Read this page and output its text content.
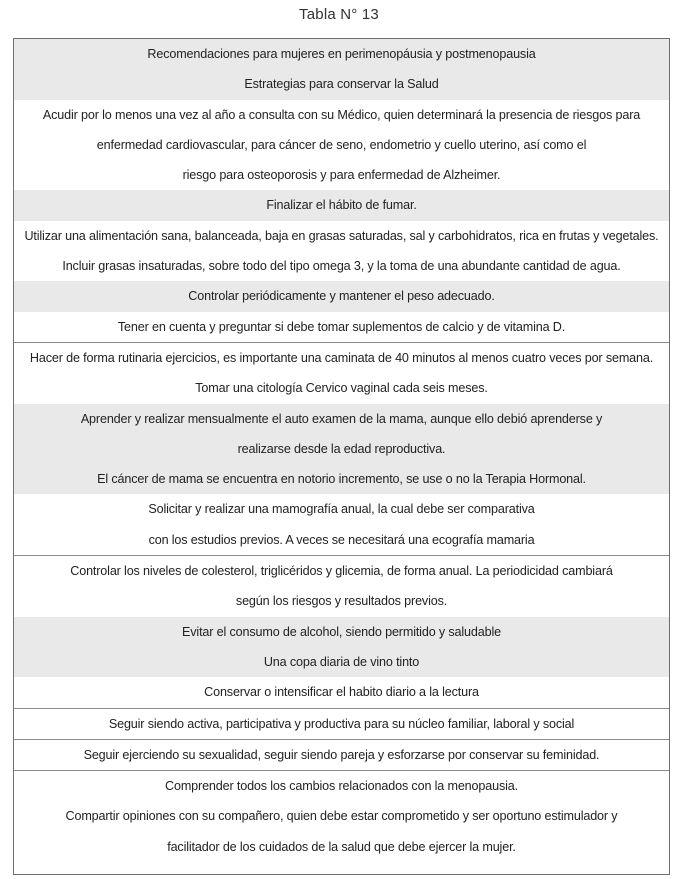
Tabla N° 13
Recomendaciones para mujeres en perimenopáusia y postmenopausia
Estrategias para conservar la Salud
Acudir por lo menos una vez al año a consulta con su Médico, quien determinará la presencia de riesgos para
enfermedad cardiovascular, para cáncer de seno, endometrio y cuello uterino, así como el
riesgo para osteoporosis y para enfermedad de Alzheimer.
Finalizar el hábito de fumar.
Utilizar una alimentación sana, balanceada, baja en grasas saturadas, sal y carbohidratos, rica en frutas y vegetales.
Incluir grasas insaturadas, sobre todo del tipo omega 3, y la toma de una abundante cantidad de agua.
Controlar periódicamente y mantener el peso adecuado.
Tener en cuenta y preguntar si debe tomar suplementos de calcio y de vitamina D.
Hacer de forma rutinaria ejercicios, es importante una caminata de 40 minutos al menos cuatro veces por semana.
Tomar una citología Cervico vaginal cada seis meses.
Aprender y realizar mensualmente el auto examen de la mama, aunque ello debió aprenderse y
realizarse desde la edad reproductiva.
El cáncer de mama se encuentra en notorio incremento, se use o no la Terapia Hormonal.
Solicitar y realizar una mamografía anual, la cual debe ser comparativa
con los estudios previos. A veces se necesitará una ecografía mamaria
Controlar los niveles de colesterol, triglicéridos y glicemia, de forma anual. La periodicidad cambiará
según los riesgos y resultados previos.
Evitar el consumo de alcohol, siendo permitido y saludable
Una copa diaria de vino tinto
Conservar o intensificar el habito diario a la lectura
Seguir siendo activa, participativa y productiva para su núcleo familiar, laboral y social
Seguir ejerciendo su sexualidad, seguir siendo pareja y esforzarse por conservar su feminidad.
Comprender todos los cambios relacionados con la menopausia.
Compartir opiniones con su compañero, quien debe estar comprometido y ser oportuno estimulador y
facilitador de los cuidados de la salud que debe ejercer la mujer.
